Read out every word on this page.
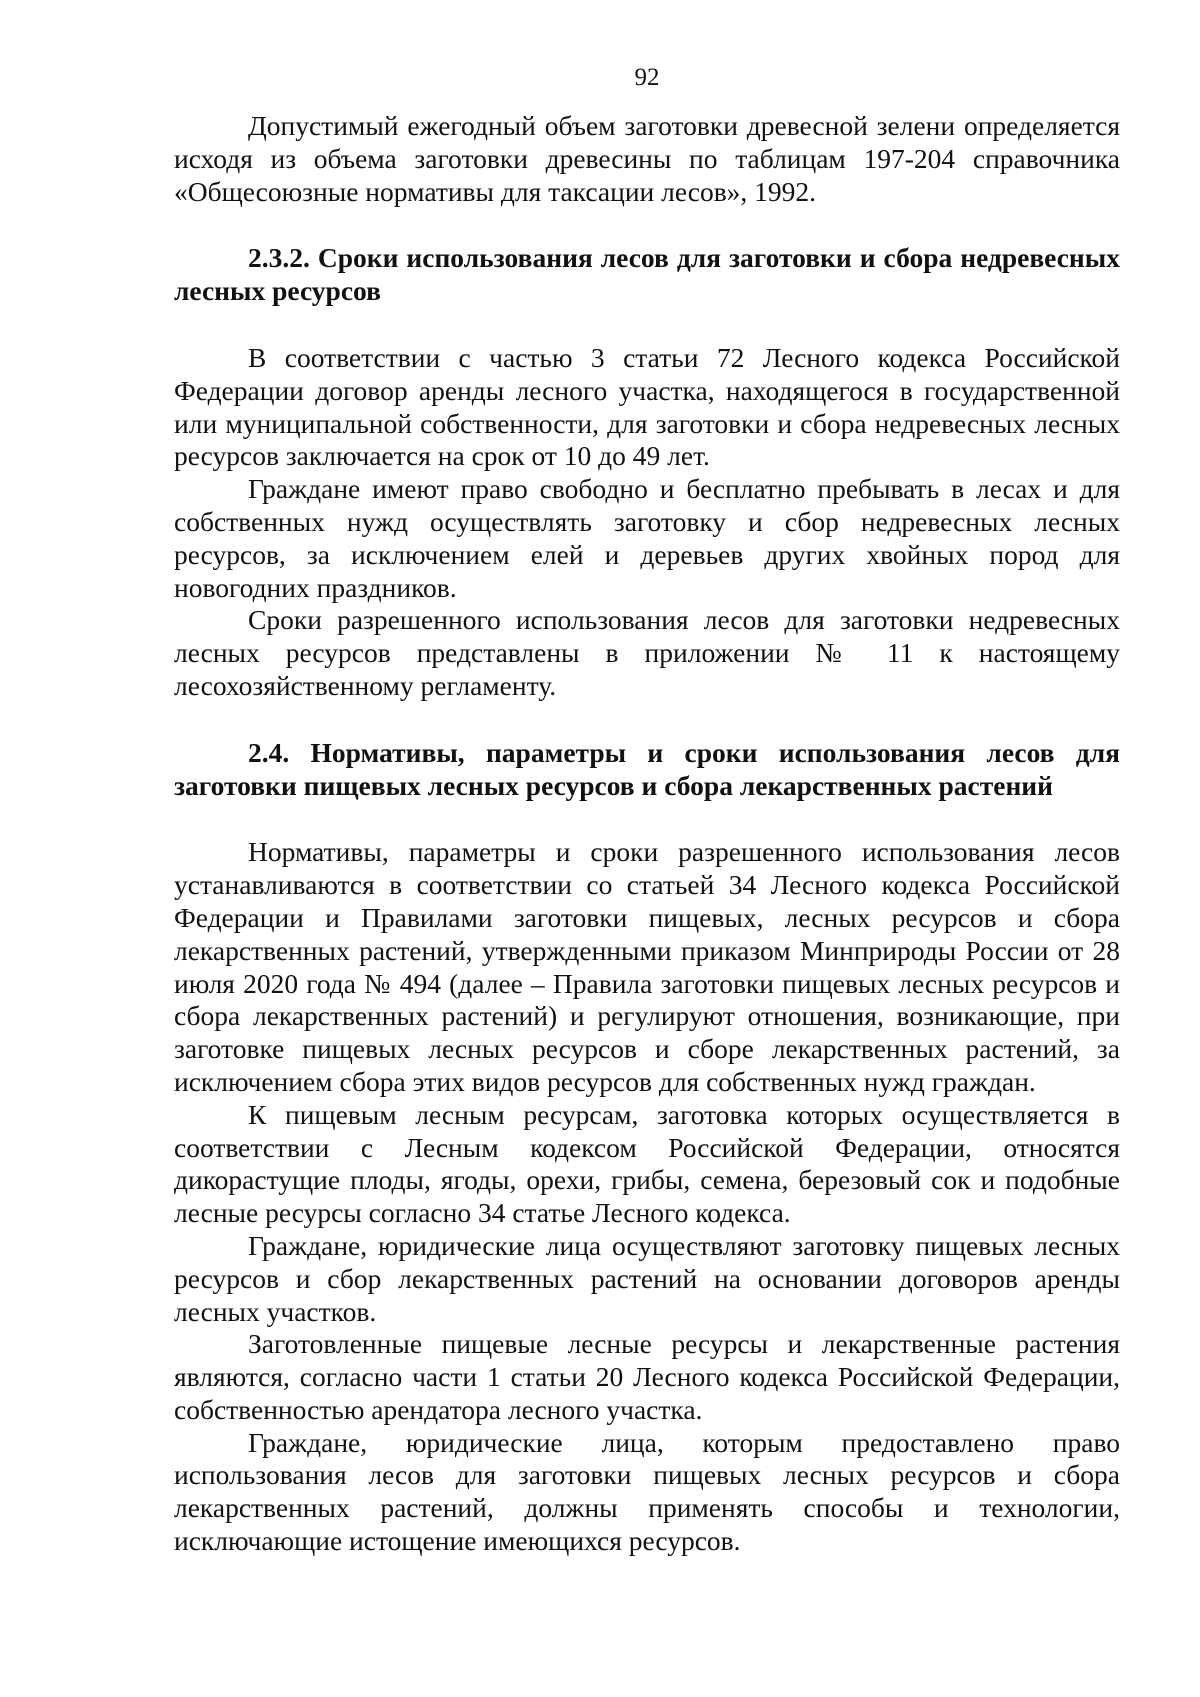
92

Допустимый ежегодный объем заготовки древесной зелени определяется исходя из объема заготовки древесины по таблицам 197-204 справочника «Общесоюзные нормативы для таксации лесов», 1992.

2.3.2. Сроки использования лесов для заготовки и сбора недревесных лесных ресурсов

В соответствии с частью 3 статьи 72 Лесного кодекса Российской Федерации договор аренды лесного участка, находящегося в государственной или муниципальной собственности, для заготовки и сбора недревесных лесных ресурсов заключается на срок от 10 до 49 лет.

Граждане имеют право свободно и бесплатно пребывать в лесах и для собственных нужд осуществлять заготовку и сбор недревесных лесных ресурсов, за исключением елей и деревьев других хвойных пород для новогодних праздников.

Сроки разрешенного использования лесов для заготовки недревесных лесных ресурсов представлены в приложении № 11 к настоящему лесохозяйственному регламенту.

2.4. Нормативы, параметры и сроки использования лесов для заготовки пищевых лесных ресурсов и сбора лекарственных растений

Нормативы, параметры и сроки разрешенного использования лесов устанавливаются в соответствии со статьей 34 Лесного кодекса Российской Федерации и Правилами заготовки пищевых, лесных ресурсов и сбора лекарственных растений, утвержденными приказом Минприроды России от 28 июля 2020 года № 494 (далее – Правила заготовки пищевых лесных ресурсов и сбора лекарственных растений) и регулируют отношения, возникающие, при заготовке пищевых лесных ресурсов и сборе лекарственных растений, за исключением сбора этих видов ресурсов для собственных нужд граждан.

К пищевым лесным ресурсам, заготовка которых осуществляется в соответствии с Лесным кодексом Российской Федерации, относятся дикорастущие плоды, ягоды, орехи, грибы, семена, березовый сок и подобные лесные ресурсы согласно 34 статье Лесного кодекса.

Граждане, юридические лица осуществляют заготовку пищевых лесных ресурсов и сбор лекарственных растений на основании договоров аренды лесных участков.

Заготовленные пищевые лесные ресурсы и лекарственные растения являются, согласно части 1 статьи 20 Лесного кодекса Российской Федерации, собственностью арендатора лесного участка.

Граждане, юридические лица, которым предоставлено право использования лесов для заготовки пищевых лесных ресурсов и сбора лекарственных растений, должны применять способы и технологии, исключающие истощение имеющихся ресурсов.
